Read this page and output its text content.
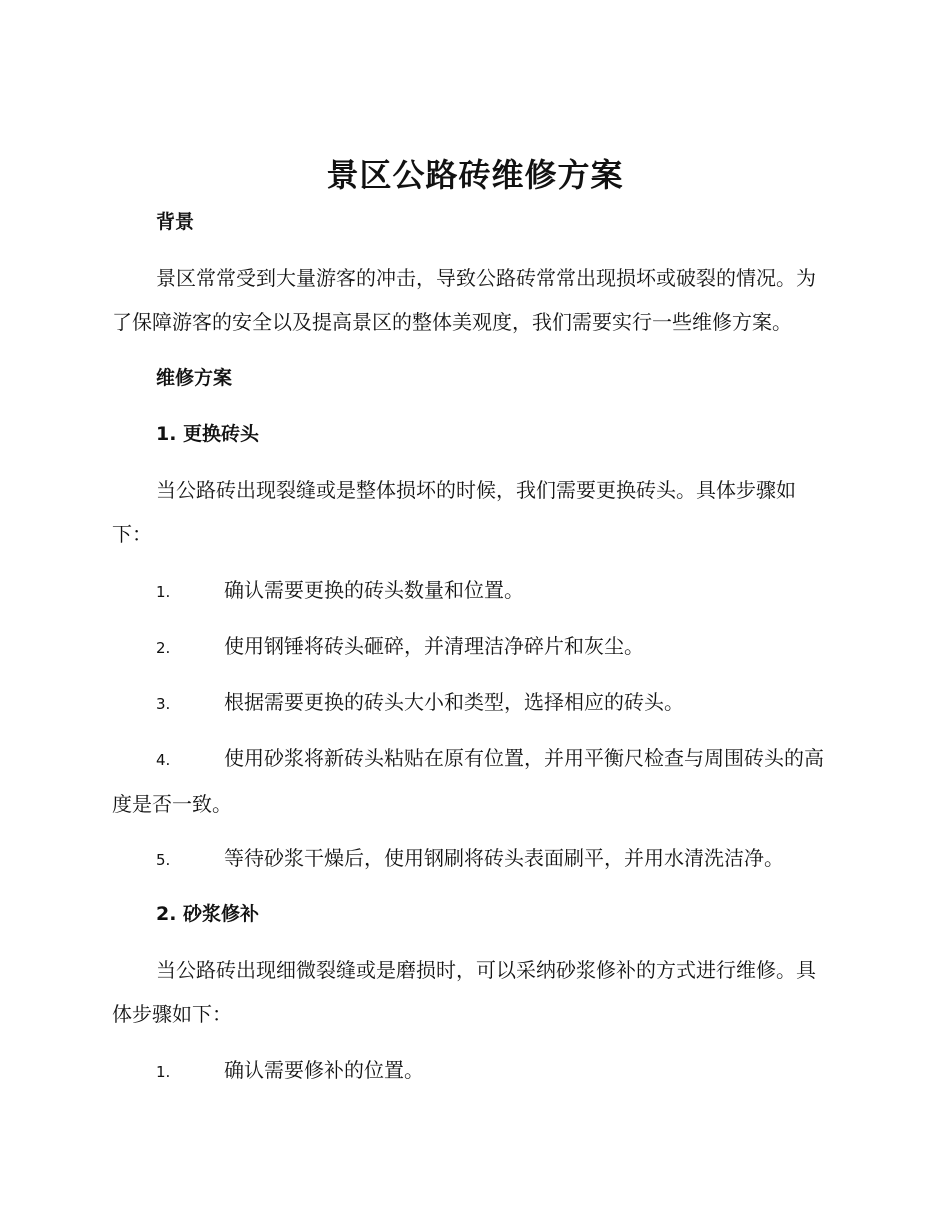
景区公路砖维修方案

背景

景区常常受到大量游客的冲击，导致公路砖常常出现损坏或破裂的情况。为了保障游客的安全以及提高景区的整体美观度，我们需要实行一些维修方案。

维修方案

1. 更换砖头

当公路砖出现裂缝或是整体损坏的时候，我们需要更换砖头。具体步骤如下：

1.	确认需要更换的砖头数量和位置。

2.	使用钢锤将砖头砸碎，并清理洁净碎片和灰尘。

3.	根据需要更换的砖头大小和类型，选择相应的砖头。

4.	使用砂浆将新砖头粘贴在原有位置，并用平衡尺检查与周围砖头的高度是否一致。

5.	等待砂浆干燥后，使用钢刷将砖头表面刷平，并用水清洗洁净。

2. 砂浆修补

当公路砖出现细微裂缝或是磨损时，可以采纳砂浆修补的方式进行维修。具体步骤如下：

1.	确认需要修补的位置。
